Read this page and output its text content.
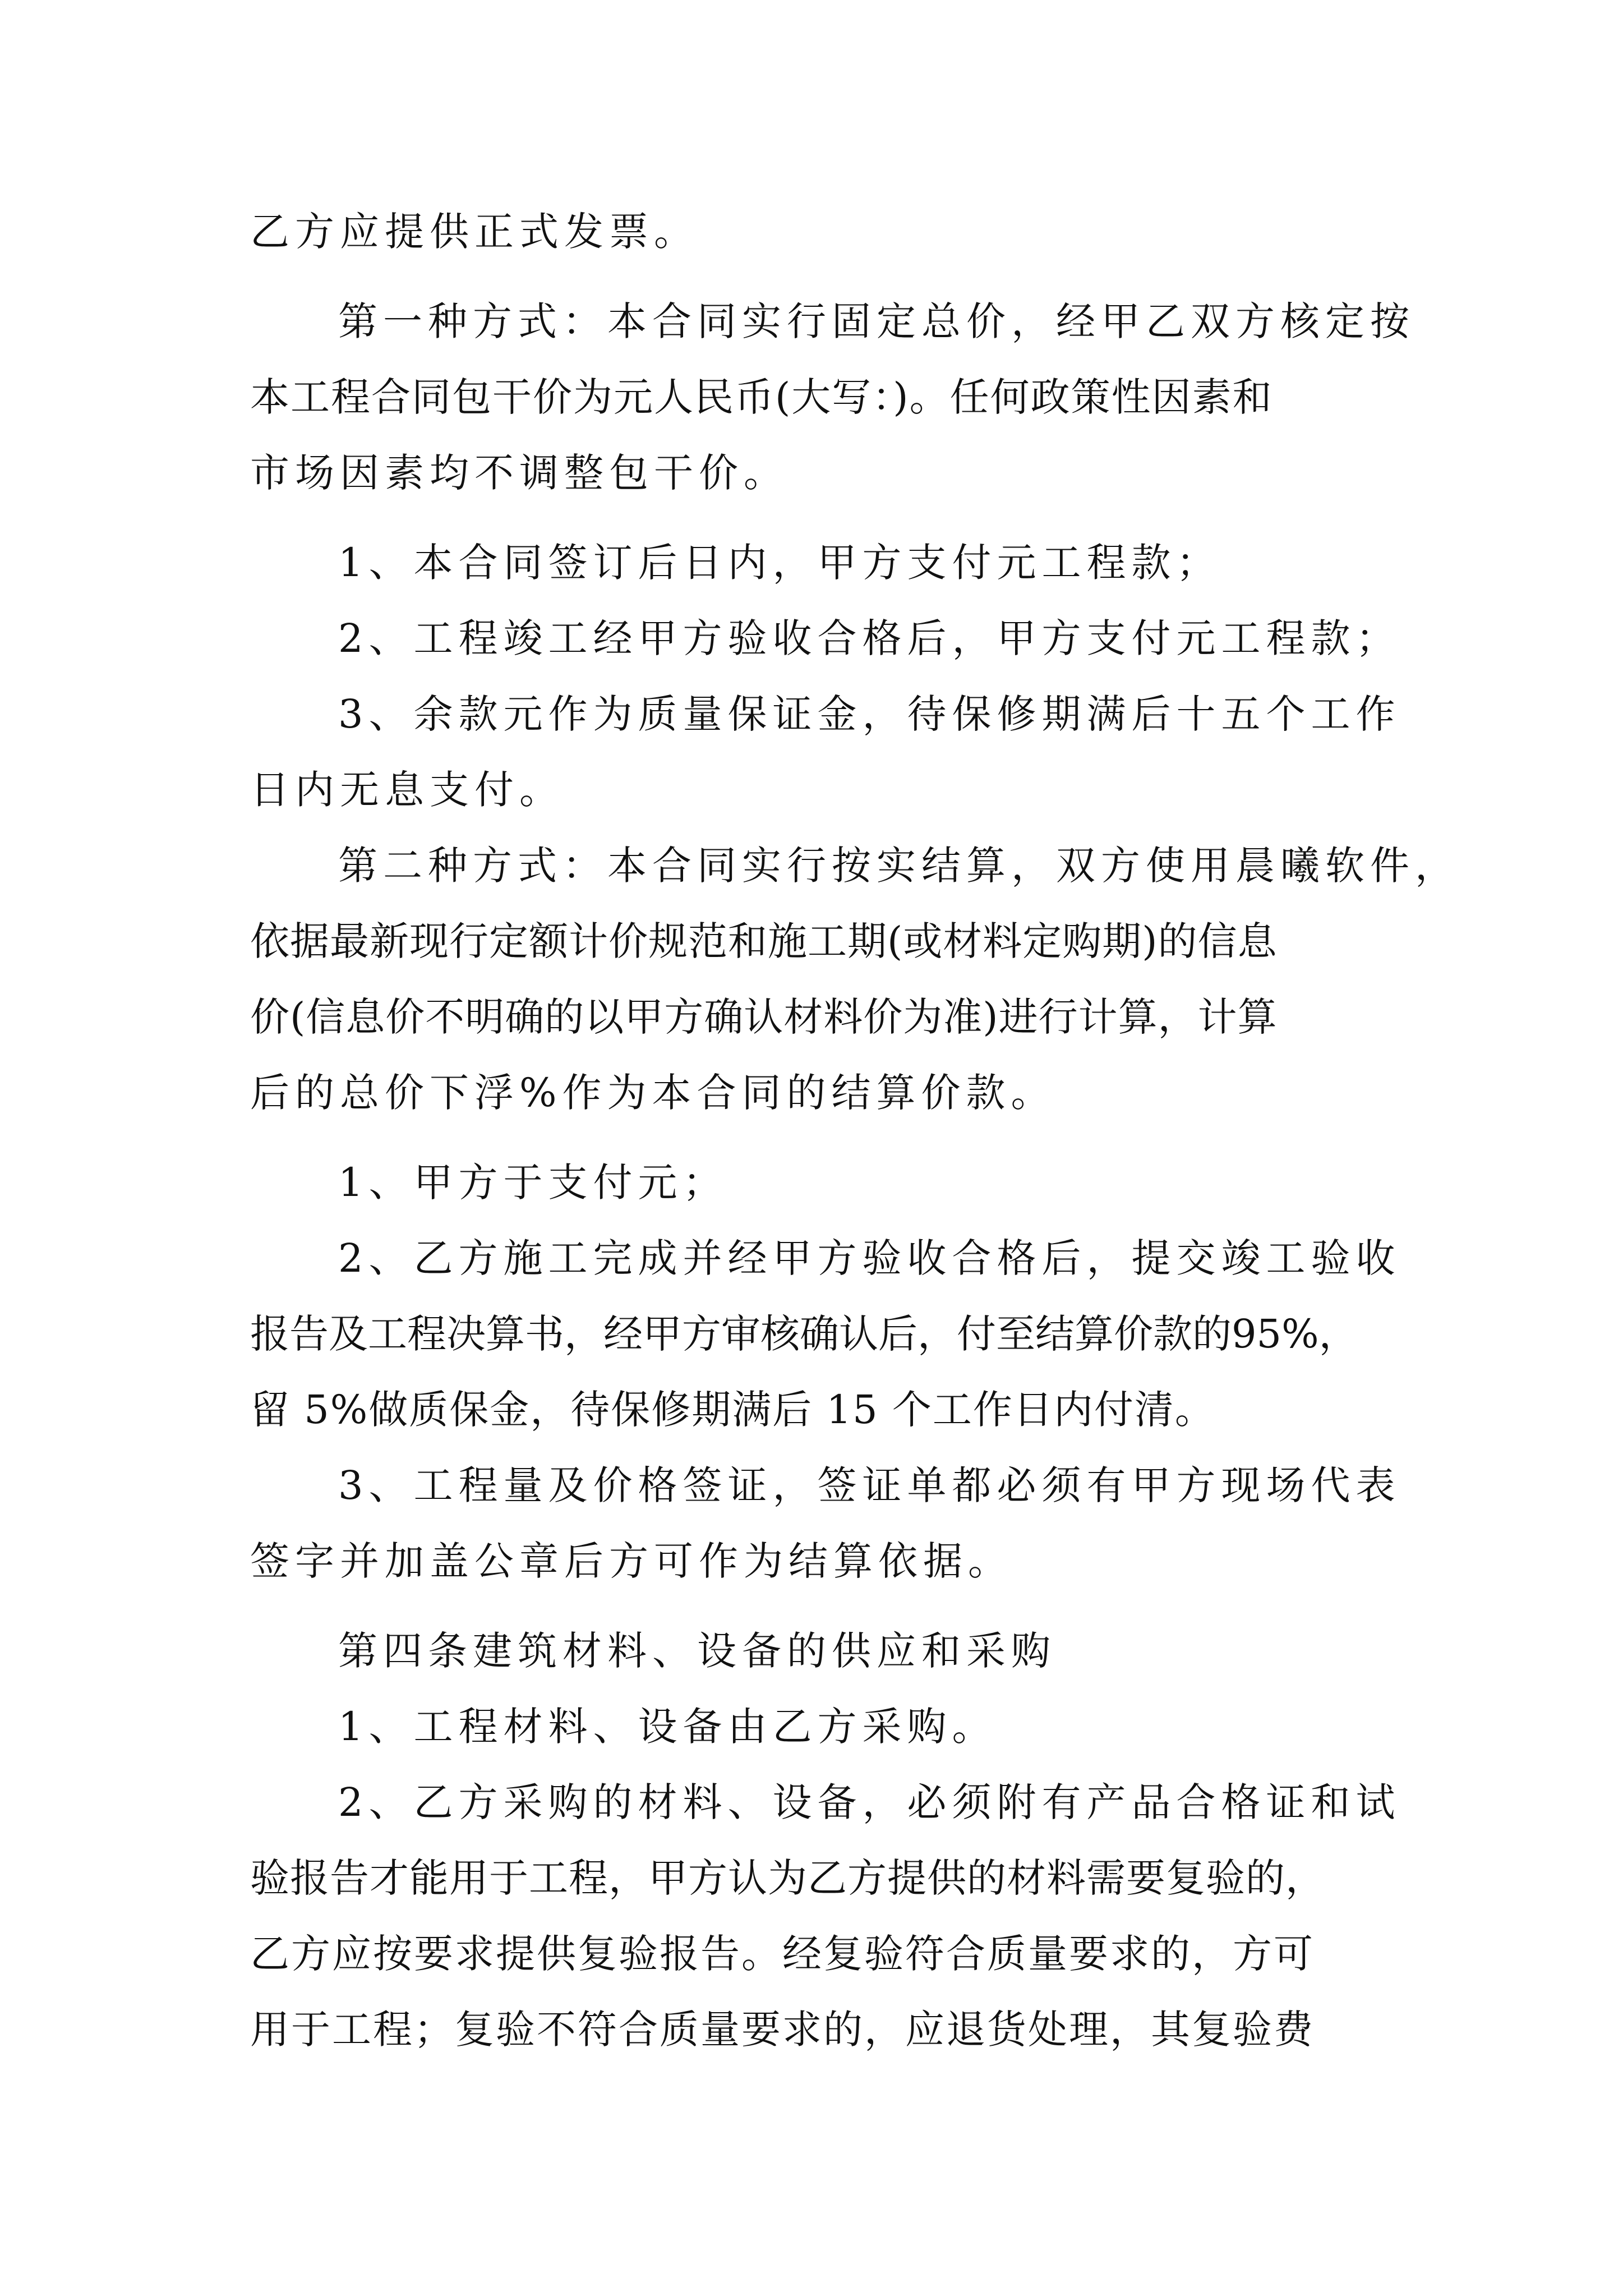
乙方应提供正式发票。
第一种方式：本合同实行固定总价，经甲乙双方核定按
本工程合同包干价为元人民币(大写：)。任何政策性因素和
市场因素均不调整包干价。
1、本合同签订后日内，甲方支付元工程款；
2、工程竣工经甲方验收合格后，甲方支付元工程款；
3、余款元作为质量保证金，待保修期满后十五个工作
日内无息支付。
第二种方式：本合同实行按实结算，双方使用晨曦软件，
依据最新现行定额计价规范和施工期(或材料定购期)的信息
价(信息价不明确的以甲方确认材料价为准)进行计算，计算
后的总价下浮%作为本合同的结算价款。
1、甲方于支付元；
2、乙方施工完成并经甲方验收合格后，提交竣工验收
报告及工程决算书，经甲方审核确认后，付至结算价款的95%，
留 5%做质保金，待保修期满后 15 个工作日内付清。
3、工程量及价格签证，签证单都必须有甲方现场代表
签字并加盖公章后方可作为结算依据。
第四条建筑材料、设备的供应和采购
1、工程材料、设备由乙方采购。
2、乙方采购的材料、设备，必须附有产品合格证和试
验报告才能用于工程，甲方认为乙方提供的材料需要复验的，
乙方应按要求提供复验报告。经复验符合质量要求的，方可
用于工程；复验不符合质量要求的，应退货处理，其复验费
